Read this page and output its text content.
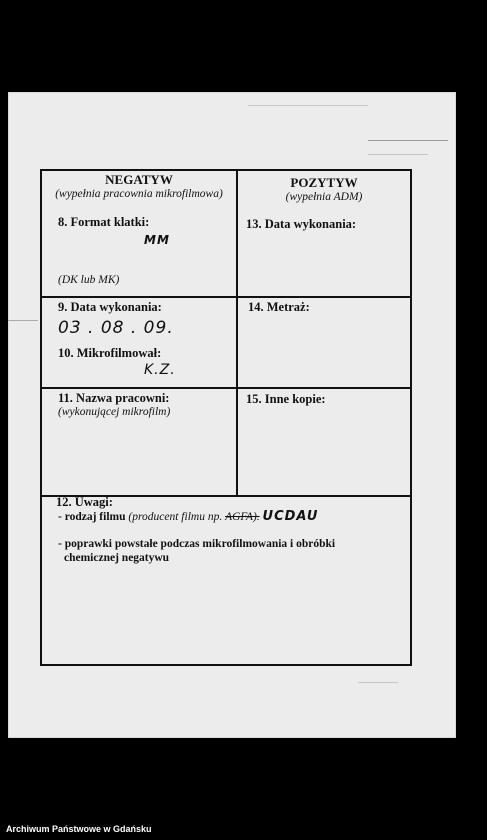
NEGATYW
(wypełnia pracownia mikrofilmowa)
8. Format klatki:
MM
(DK lub MK)
POZYTYW
(wypełnia ADM)
13. Data wykonania:
9. Data wykonania:
03 . 08 . 09.
10. Mikrofilmował:
K.Z.
14. Metraż:
11. Nazwa pracowni:
(wykonującej mikrofilm)
15. Inne kopie:
12. Uwagi:
- rodzaj filmu (producent filmu np. AGFA). UCDAU
- poprawki powstałe podczas mikrofilmowania i obróbki
chemicznej negatywu
Archiwum Państwowe w Gdańsku
